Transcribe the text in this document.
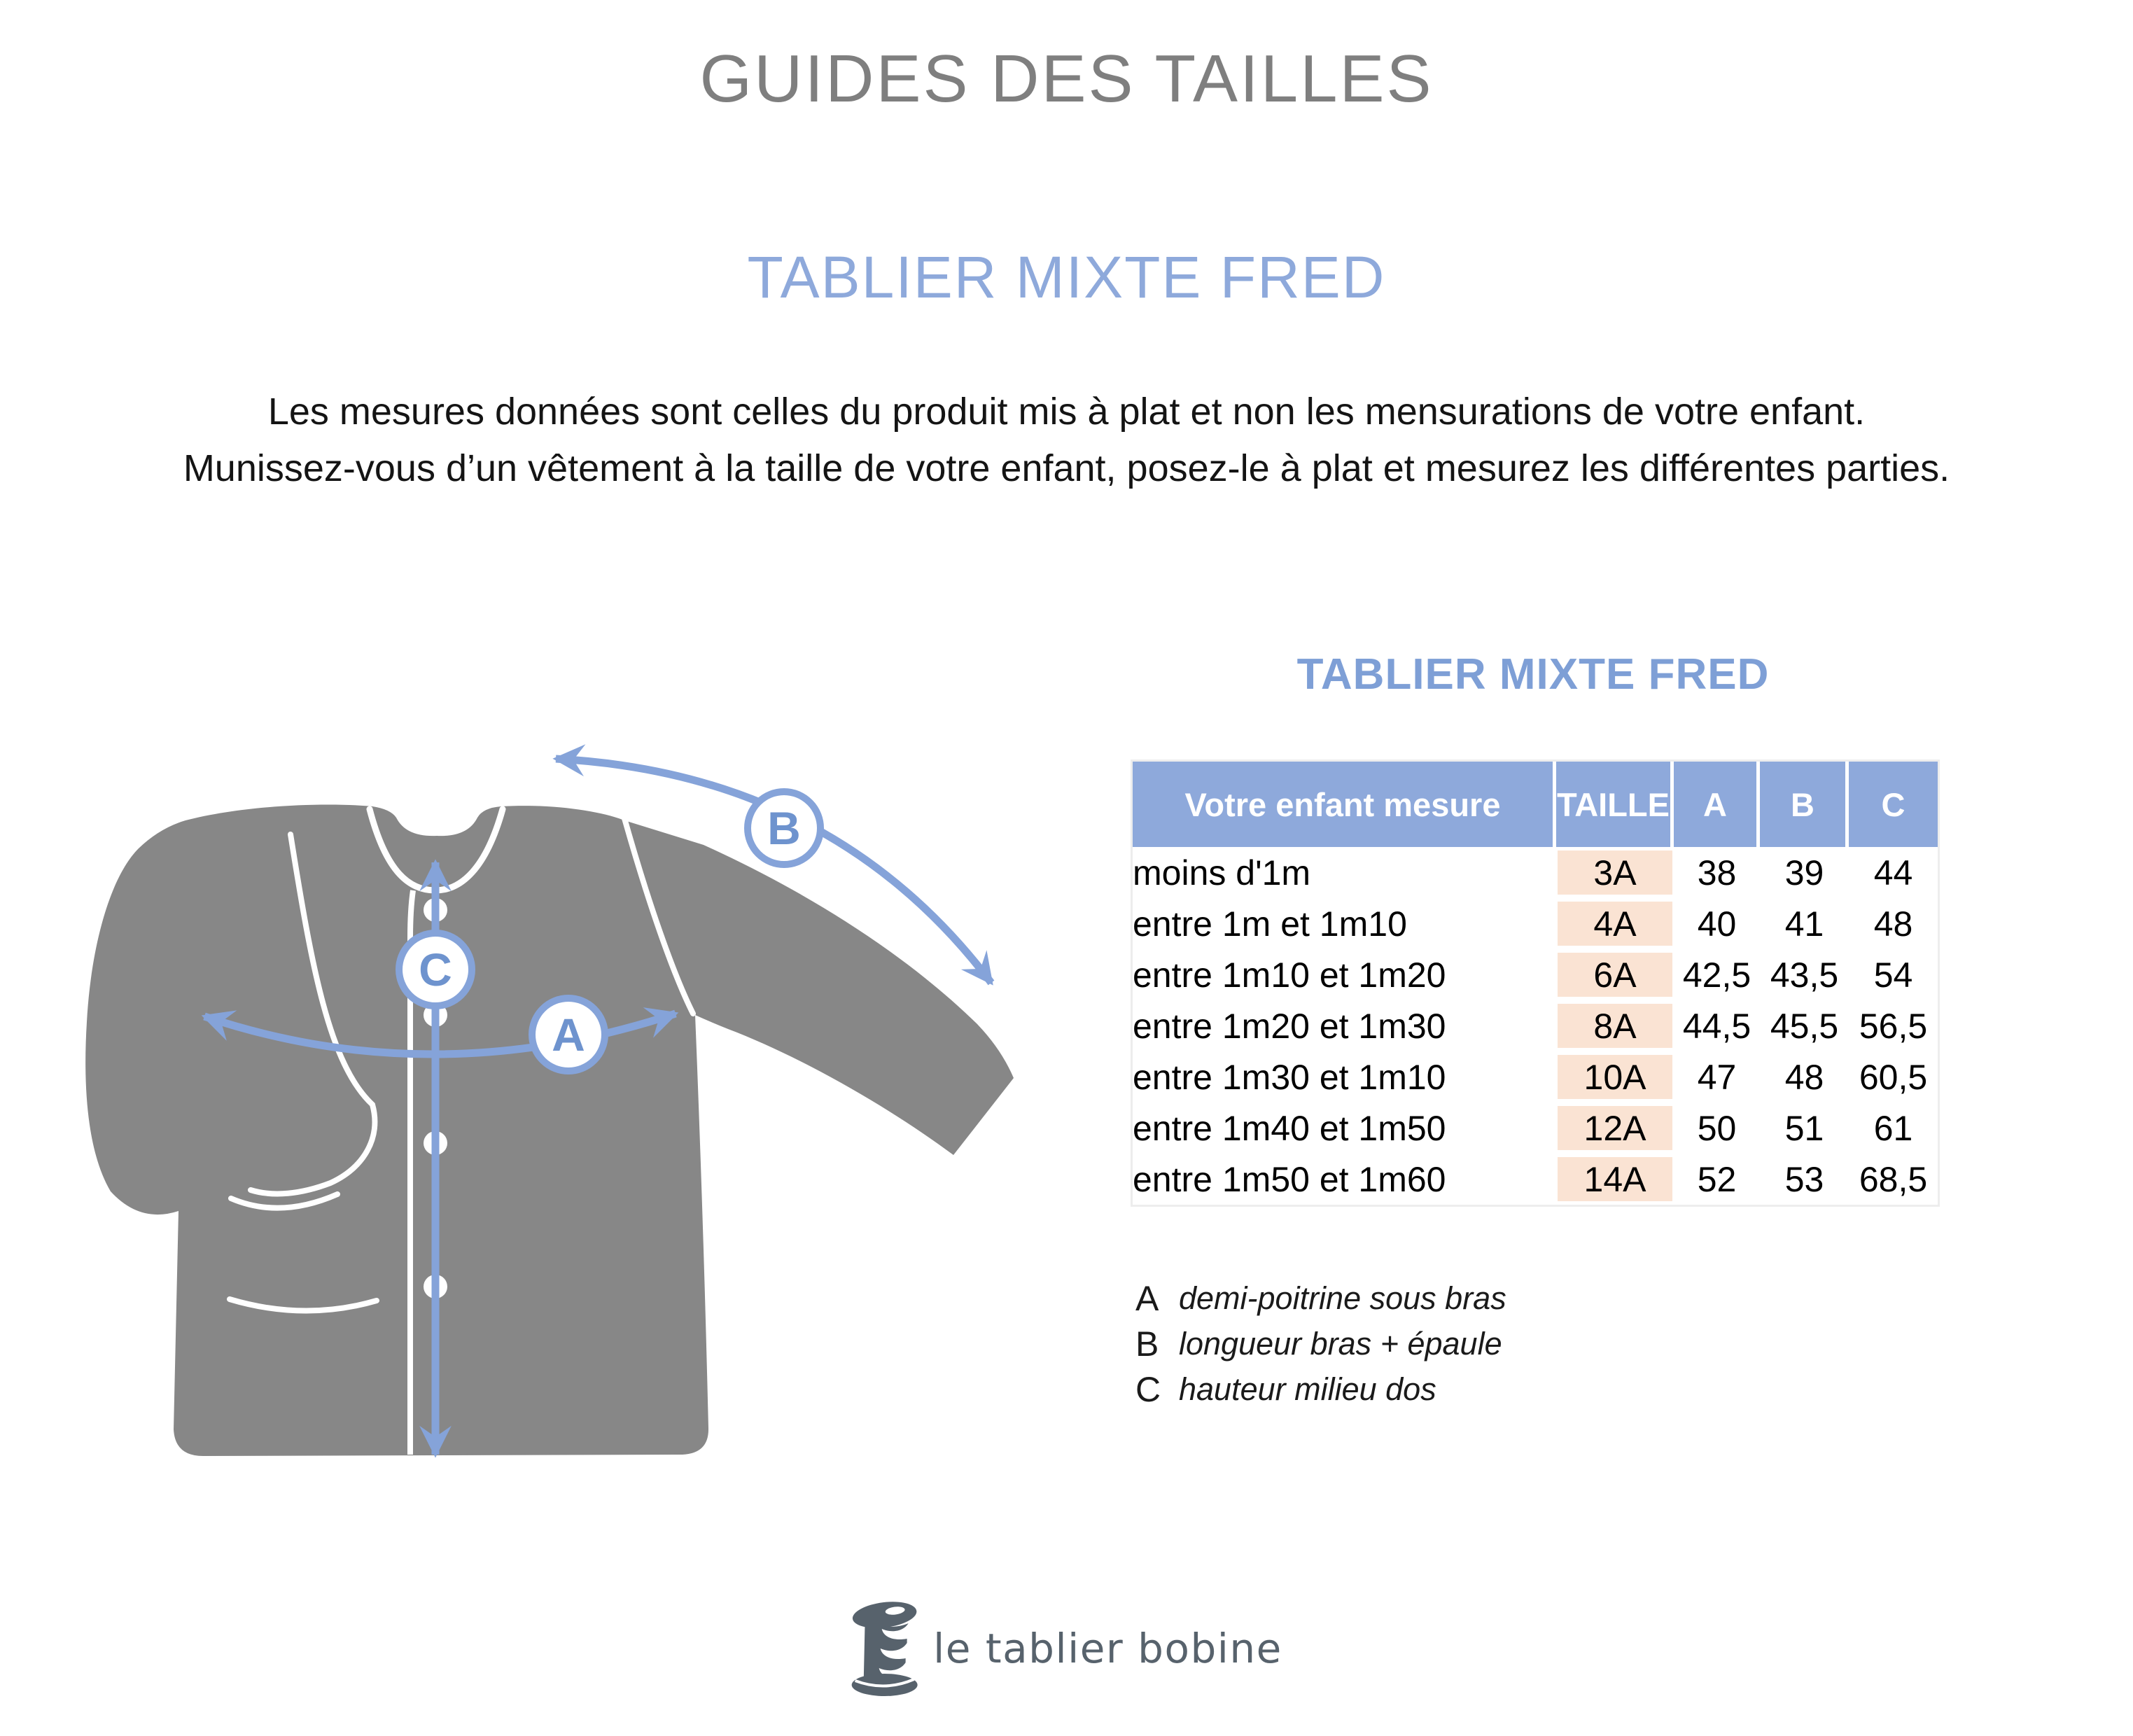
GUIDES DES TAILLES
TABLIER MIXTE FRED

Les mesures données sont celles du produit mis à plat et non les mensurations de votre enfant.
Munissez-vous d’un vêtement à la taille de votre enfant, posez-le à plat et mesurez les différentes parties.

B
C
A
TABLIER MIXTE FRED
Votre enfant mesure	TAILLE	A	B	C
moins d'1m	3A	38	39	44
entre 1m et 1m10	4A	40	41	48
entre 1m10 et 1m20	6A	42,5	43,5	54
entre 1m20 et 1m30	8A	44,5	45,5	56,5
entre 1m30 et 1m10	10A	47	48	60,5
entre 1m40 et 1m50	12A	50	51	61
entre 1m50 et 1m60	14A	52	53	68,5
A demi-poitrine sous bras
B longueur bras + épaule
C hauteur milieu dos
le tablier bobine
